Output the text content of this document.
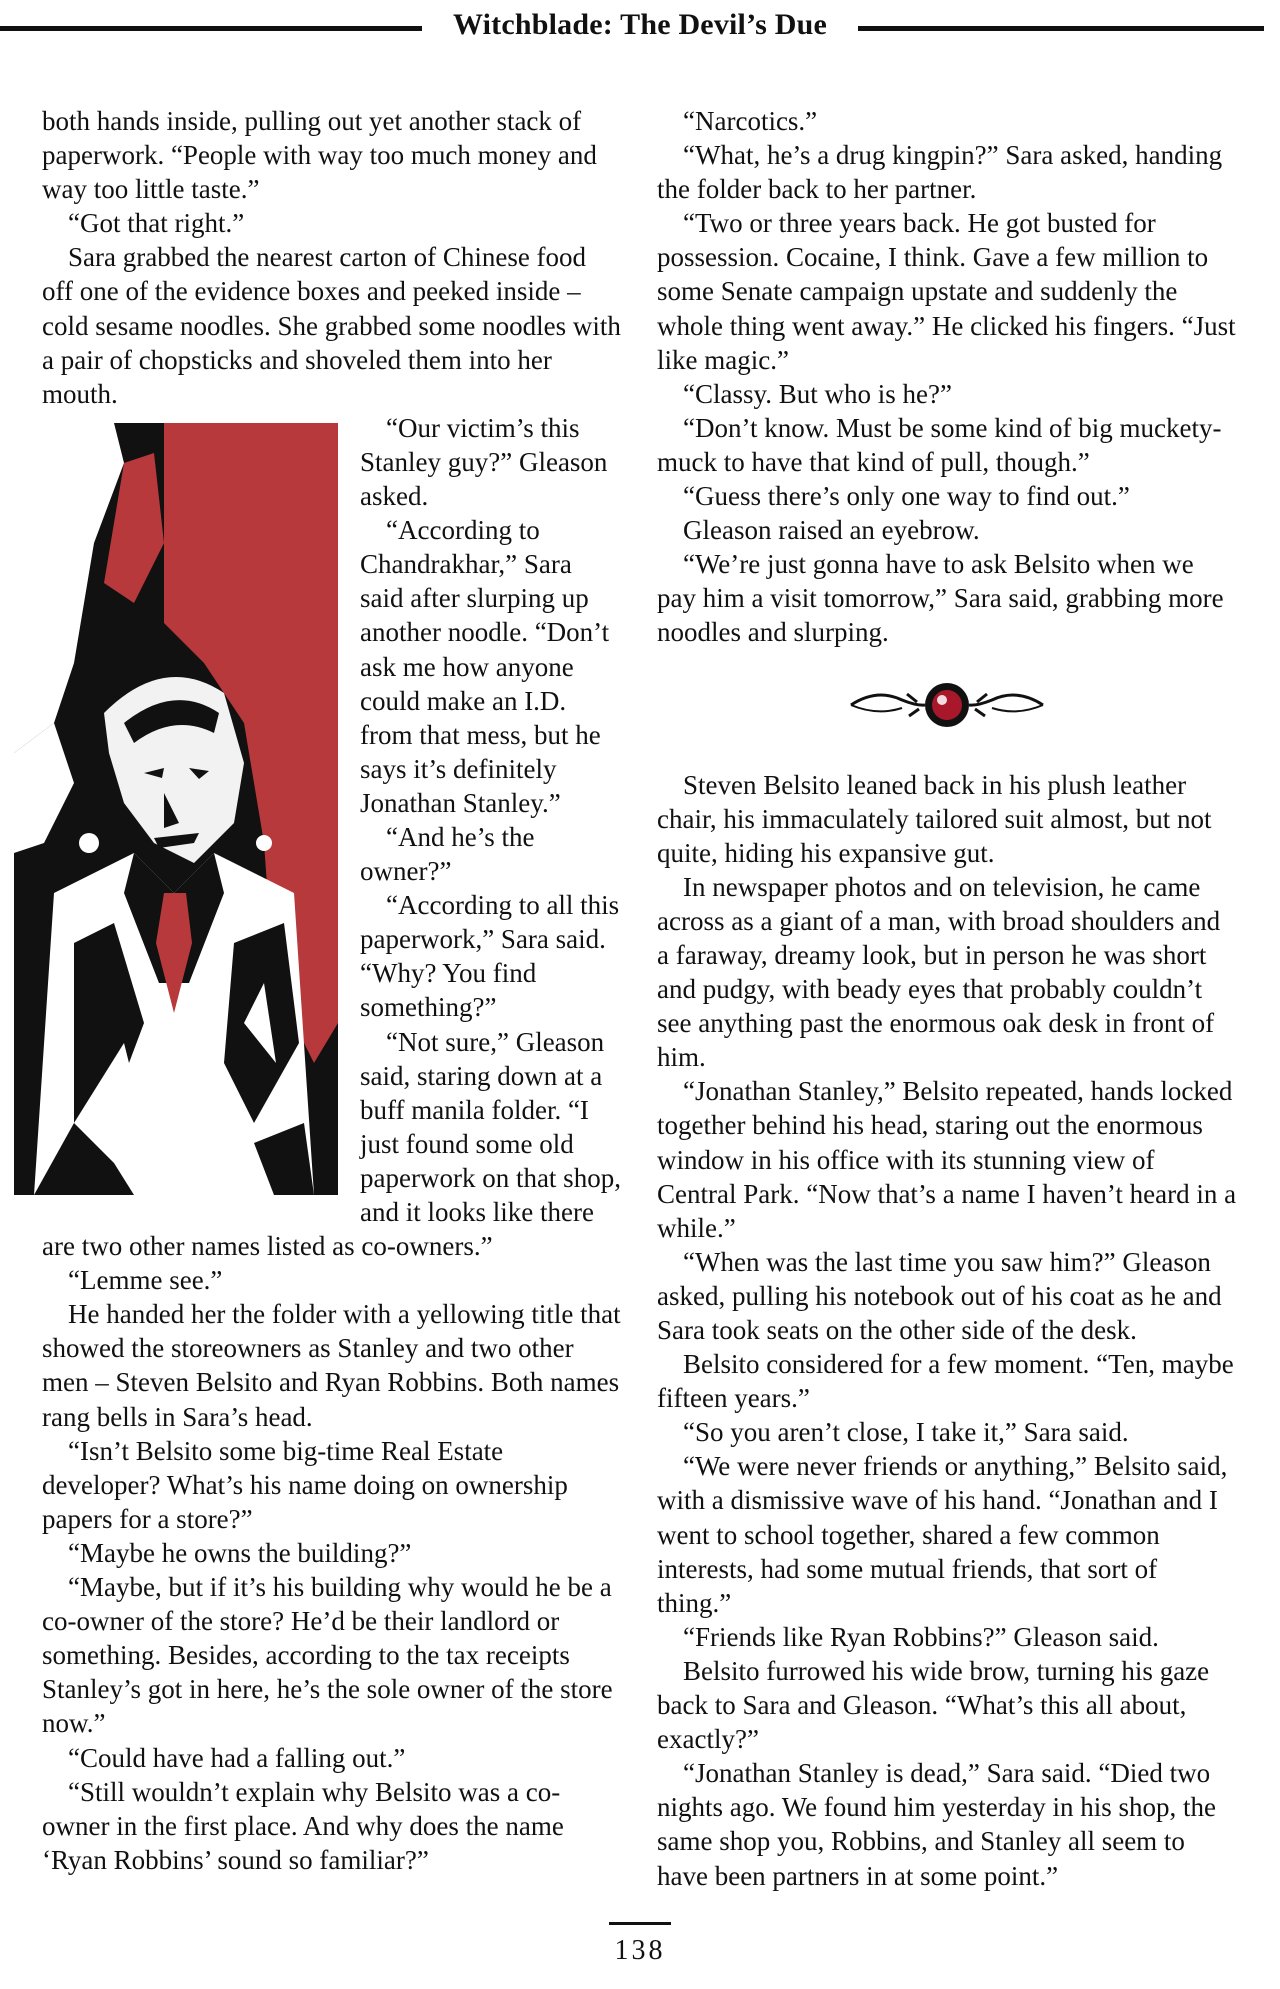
Witchblade: The Devil’s Due

both hands inside, pulling out yet another stack of paperwork. “People with way too much money and way too little taste.”

“Got that right.”

Sara grabbed the nearest carton of Chinese food off one of the evidence boxes and peeked inside – cold sesame noodles. She grabbed some noodles with a pair of chopsticks and shoveled them into her mouth.

“Our victim’s this Stanley guy?” Gleason asked.

“According to Chandrakhar,” Sara said after slurping up another noodle. “Don’t ask me how anyone could make an I.D. from that mess, but he says it’s definitely Jonathan Stanley.”

“And he’s the owner?”

“According to all this paperwork,” Sara said. “Why? You find something?”

“Not sure,” Gleason said, staring down at a buff manila folder. “I just found some old paperwork on that shop, and it looks like there are two other names listed as co-owners.”

“Lemme see.”

He handed her the folder with a yellowing title that showed the storeowners as Stanley and two other men – Steven Belsito and Ryan Robbins. Both names rang bells in Sara’s head.

“Isn’t Belsito some big-time Real Estate developer? What’s his name doing on ownership papers for a store?”

“Maybe he owns the building?”

“Maybe, but if it’s his building why would he be a co-owner of the store? He’d be their landlord or something. Besides, according to the tax receipts Stanley’s got in here, he’s the sole owner of the store now.”

“Could have had a falling out.”

“Still wouldn’t explain why Belsito was a co-owner in the first place. And why does the name ‘Ryan Robbins’ sound so familiar?”

“Narcotics.”

“What, he’s a drug kingpin?” Sara asked, handing the folder back to her partner.

“Two or three years back. He got busted for possession. Cocaine, I think. Gave a few million to some Senate campaign upstate and suddenly the whole thing went away.” He clicked his fingers. “Just like magic.”

“Classy. But who is he?”

“Don’t know. Must be some kind of big muckety-muck to have that kind of pull, though.”

“Guess there’s only one way to find out.”

Gleason raised an eyebrow.

“We’re just gonna have to ask Belsito when we pay him a visit tomorrow,” Sara said, grabbing more noodles and slurping.

Steven Belsito leaned back in his plush leather chair, his immaculately tailored suit almost, but not quite, hiding his expansive gut.

In newspaper photos and on television, he came across as a giant of a man, with broad shoulders and a faraway, dreamy look, but in person he was short and pudgy, with beady eyes that probably couldn’t see anything past the enormous oak desk in front of him.

“Jonathan Stanley,” Belsito repeated, hands locked together behind his head, staring out the enormous window in his office with its stunning view of Central Park. “Now that’s a name I haven’t heard in a while.”

“When was the last time you saw him?” Gleason asked, pulling his notebook out of his coat as he and Sara took seats on the other side of the desk.

Belsito considered for a few moment. “Ten, maybe fifteen years.”

“So you aren’t close, I take it,” Sara said.

“We were never friends or anything,” Belsito said, with a dismissive wave of his hand. “Jonathan and I went to school together, shared a few common interests, had some mutual friends, that sort of thing.”

“Friends like Ryan Robbins?” Gleason said.

Belsito furrowed his wide brow, turning his gaze back to Sara and Gleason. “What’s this all about, exactly?”

“Jonathan Stanley is dead,” Sara said. “Died two nights ago. We found him yesterday in his shop, the same shop you, Robbins, and Stanley all seem to have been partners in at some point.”

138
